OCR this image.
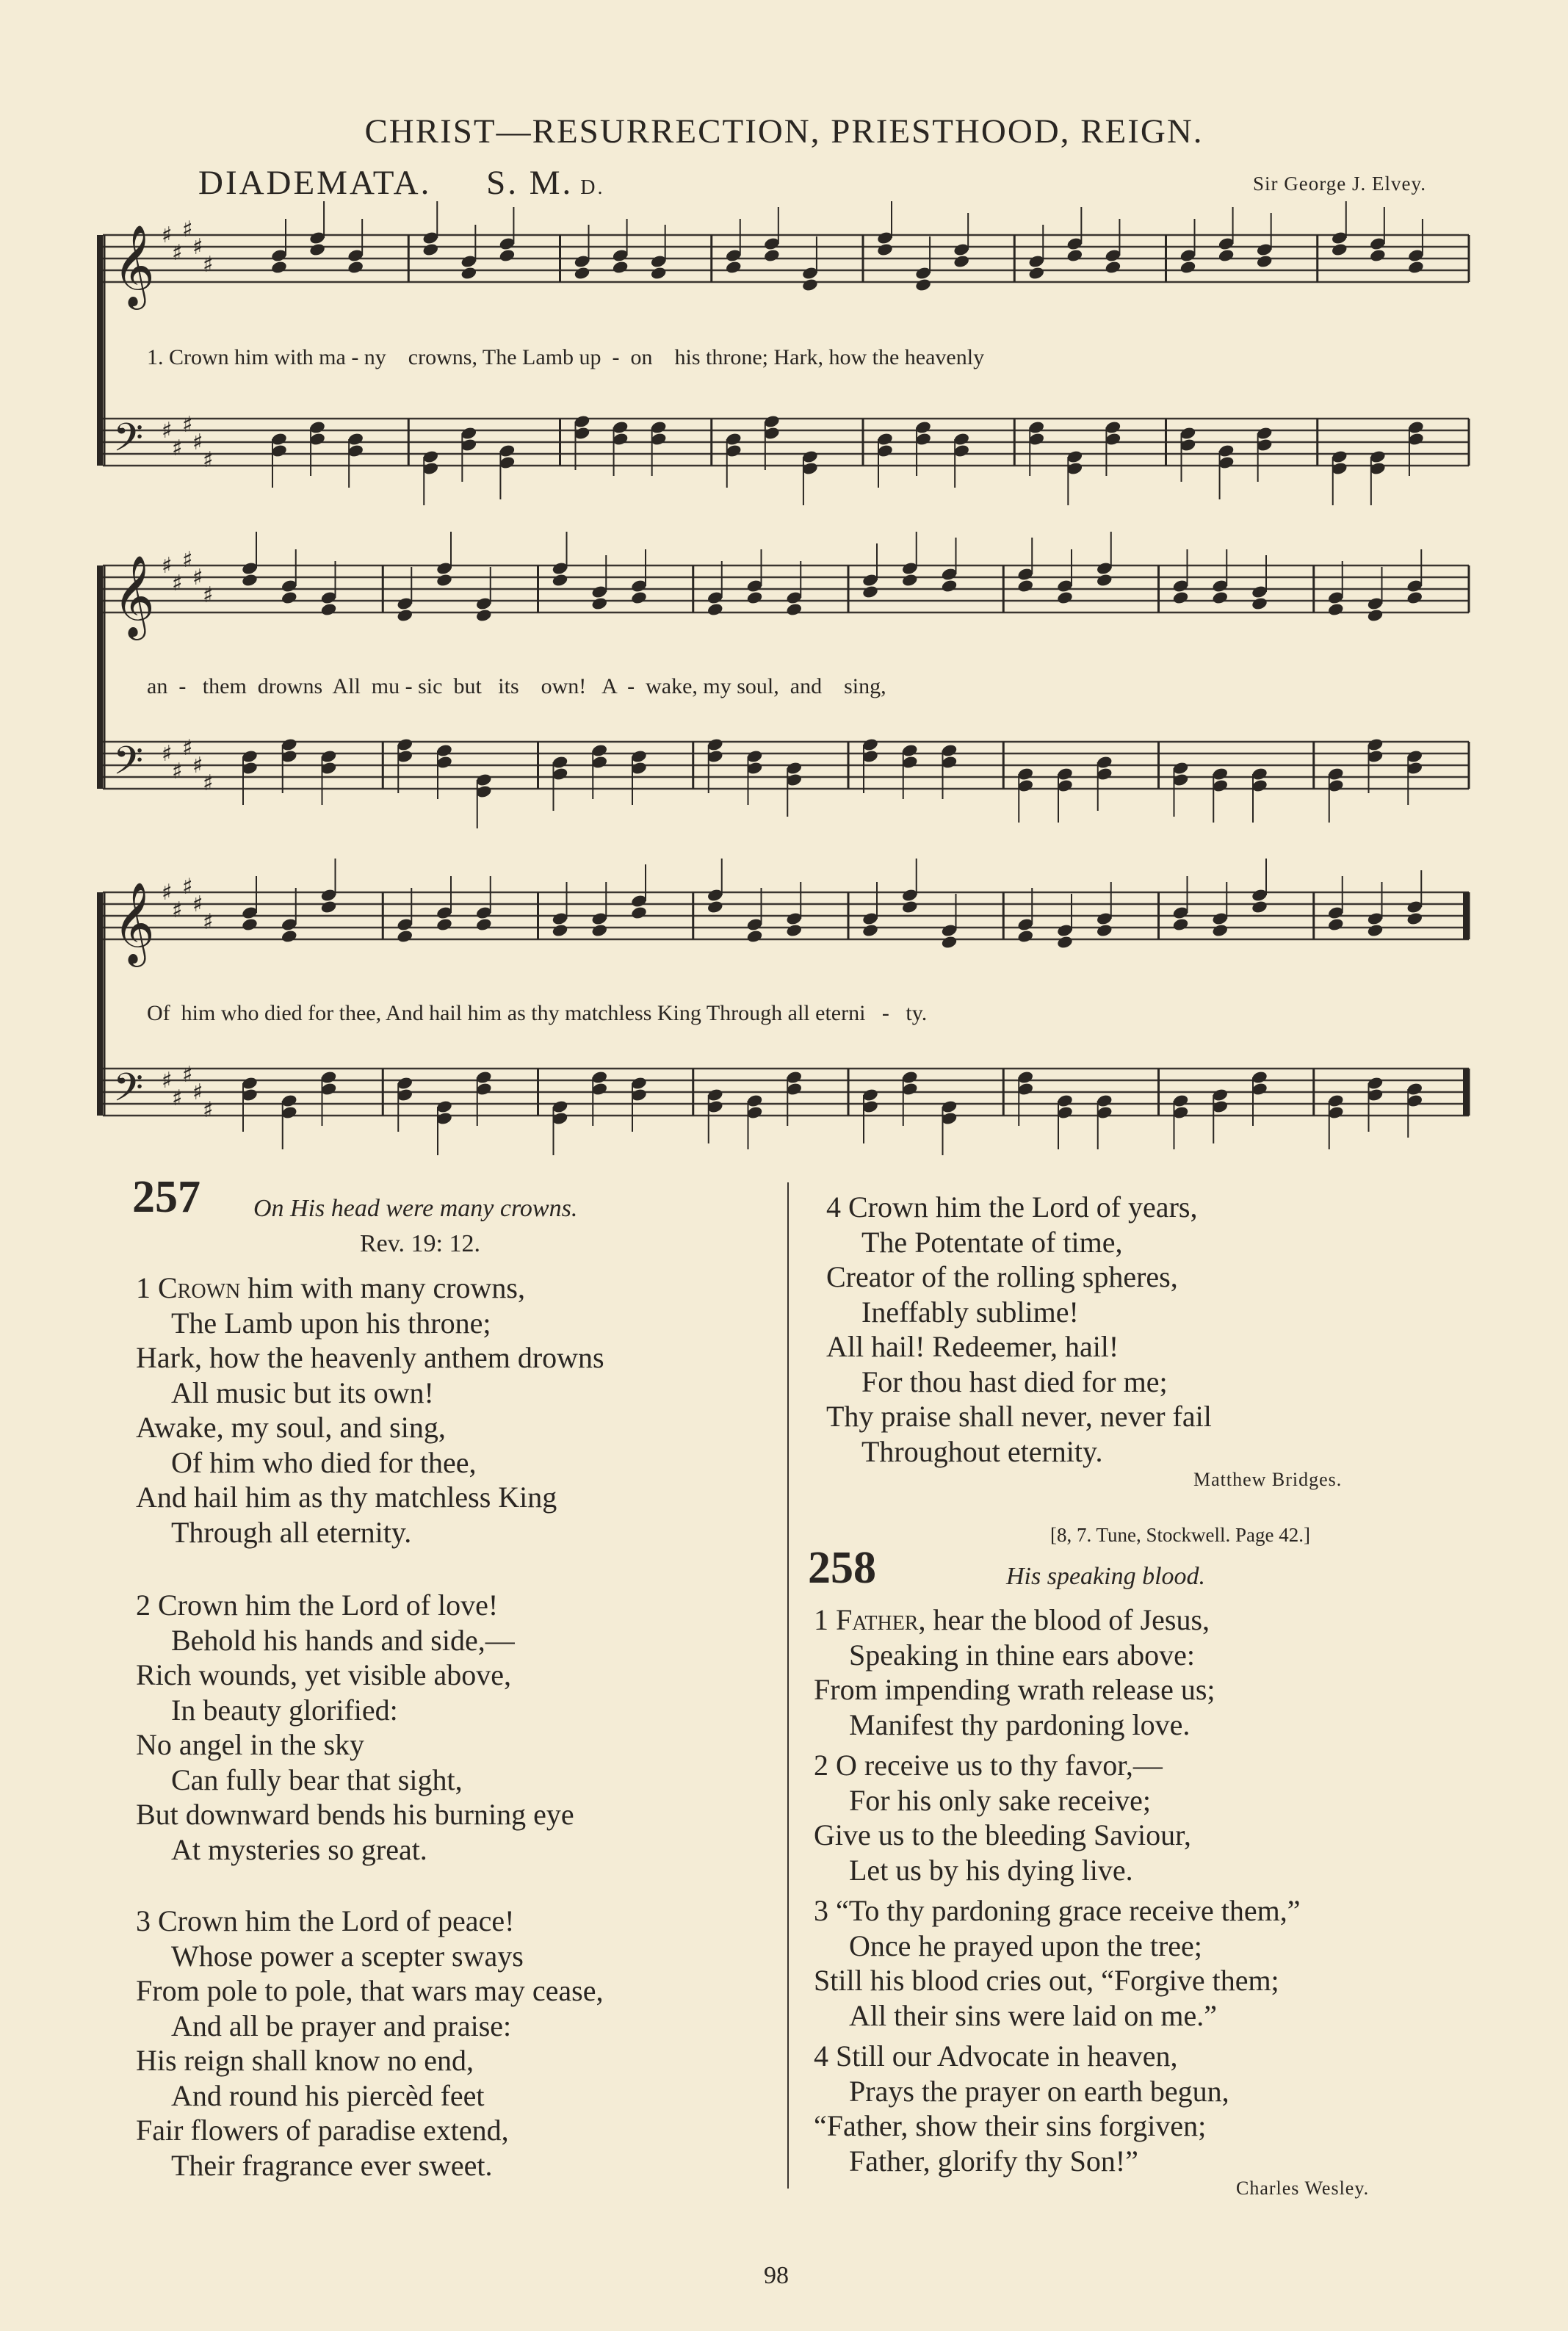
CHRIST—RESURRECTION, PRIESTHOOD, REIGN.
DIADEMATA. S. M. D.	Sir George J. Elvey.
𝄞
𝄢
♯
♯
♯
♯
♯
♯
♯
♯
♯
♯
1. Crown him with ma - ny    crowns, The Lamb up  -  on    his throne; Hark, how the heavenly
𝄞
𝄢
♯
♯
♯
♯
♯
♯
♯
♯
♯
♯
an  -   them  drowns  All  mu - sic  but   its    own!   A  -  wake, my soul,  and    sing,
𝄞
𝄢
♯
♯
♯
♯
♯
♯
♯
♯
♯
♯
Of  him who died for thee, And hail him as thy matchless King Through all eterni   -   ty.
257 On His head were many crowns.
Rev. 19: 12.
1 Crown him with many crowns,
The Lamb upon his throne;
Hark, how the heavenly anthem drowns
All music but its own!
Awake, my soul, and sing,
Of him who died for thee,
And hail him as thy matchless King
Through all eternity.
2 Crown him the Lord of love!
Behold his hands and side,—
Rich wounds, yet visible above,
In beauty glorified:
No angel in the sky
Can fully bear that sight,
But downward bends his burning eye
At mysteries so great.
3 Crown him the Lord of peace!
Whose power a scepter sways
From pole to pole, that wars may cease,
And all be prayer and praise:
His reign shall know no end,
And round his piercèd feet
Fair flowers of paradise extend,
Their fragrance ever sweet.
4 Crown him the Lord of years,
The Potentate of time,
Creator of the rolling spheres,
Ineffably sublime!
All hail! Redeemer, hail!
For thou hast died for me;
Thy praise shall never, never fail
Throughout eternity.
Matthew Bridges.
[8, 7. Tune, Stockwell. Page 42.]
258	His speaking blood.
1 Father, hear the blood of Jesus,
Speaking in thine ears above:
From impending wrath release us;
Manifest thy pardoning love.
2 O receive us to thy favor,—
For his only sake receive;
Give us to the bleeding Saviour,
Let us by his dying live.
3 “To thy pardoning grace receive them,”
Once he prayed upon the tree;
Still his blood cries out, “Forgive them;
All their sins were laid on me.”
4 Still our Advocate in heaven,
Prays the prayer on earth begun,
“Father, show their sins forgiven;
Father, glorify thy Son!”
Charles Wesley.
98
